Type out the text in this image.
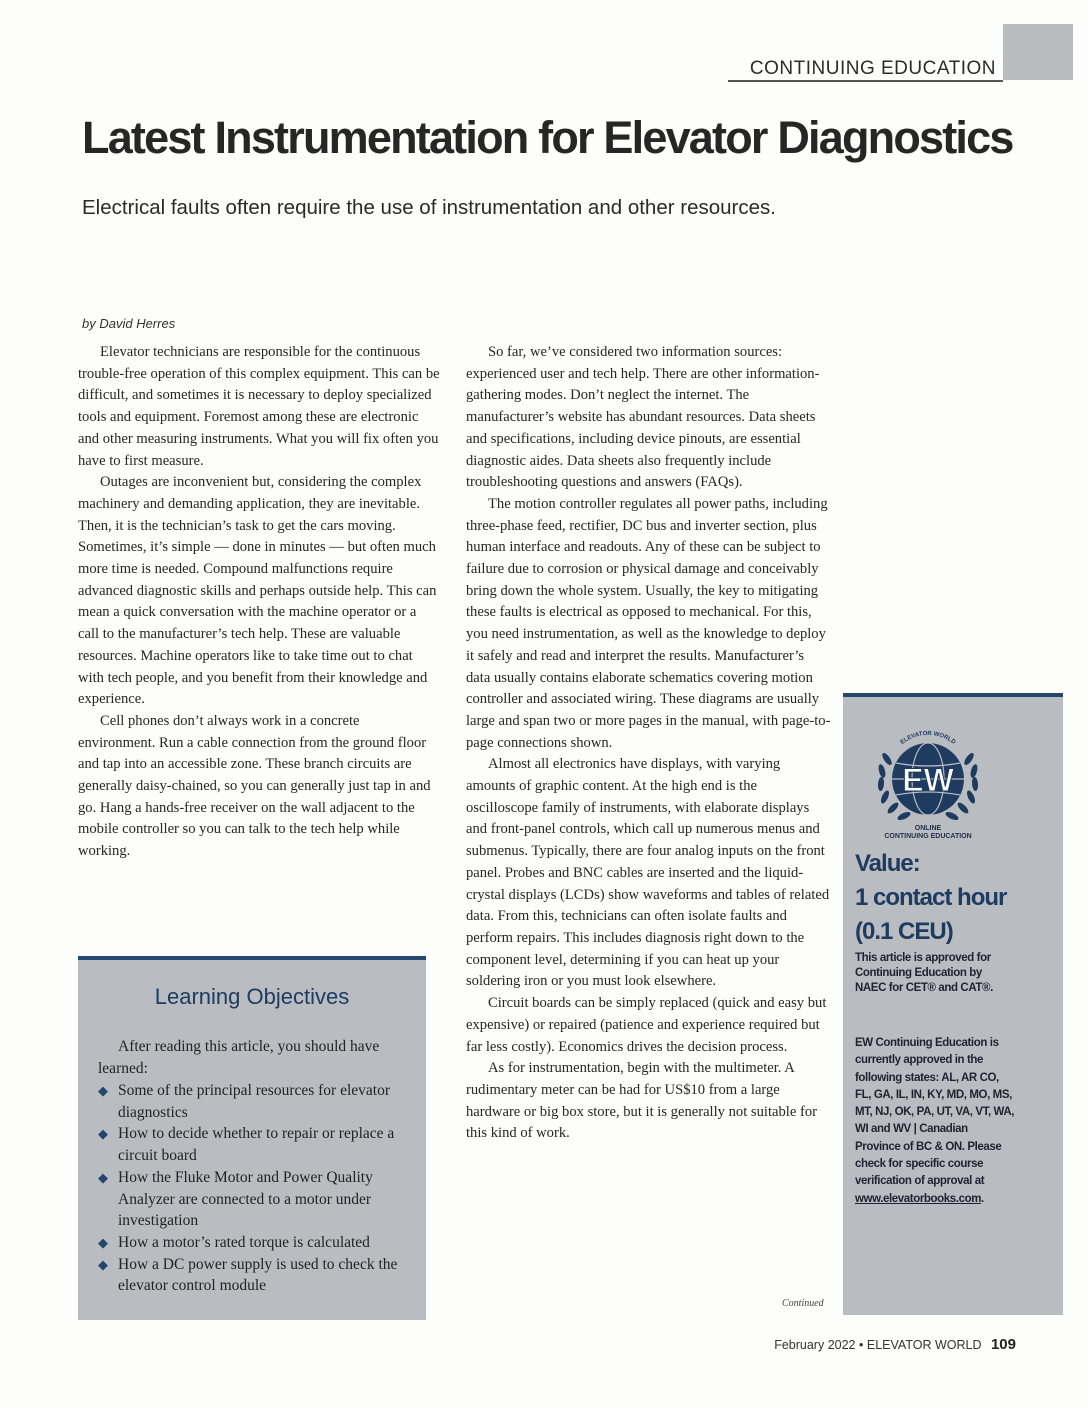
CONTINUING EDUCATION
Latest Instrumentation for Elevator Diagnostics

Electrical faults often require the use of instrumentation and other resources.

by David Herres

Elevator technicians are responsible for the continuous trouble-free operation of this complex equipment. This can be difficult, and sometimes it is necessary to deploy specialized tools and equipment. Foremost among these are electronic and other measuring instruments. What you will fix often you have to first measure.

Outages are inconvenient but, considering the complex machinery and demanding application, they are inevitable. Then, it is the technician’s task to get the cars moving. Sometimes, it’s simple — done in minutes — but often much more time is needed. Compound malfunctions require advanced diagnostic skills and perhaps outside help. This can mean a quick conversation with the machine operator or a call to the manufacturer’s tech help. These are valuable resources. Machine operators like to take time out to chat with tech people, and you benefit from their knowledge and experience.

Cell phones don’t always work in a concrete environment. Run a cable connection from the ground floor and tap into an accessible zone. These branch circuits are generally daisy-chained, so you can generally just tap in and go. Hang a hands-free receiver on the wall adjacent to the mobile controller so you can talk to the tech help while working.

So far, we’ve considered two information sources: experienced user and tech help. There are other information-gathering modes. Don’t neglect the internet. The manufacturer’s website has abundant resources. Data sheets and specifications, including device pinouts, are essential diagnostic aides. Data sheets also frequently include troubleshooting questions and answers (FAQs).

The motion controller regulates all power paths, including three-phase feed, rectifier, DC bus and inverter section, plus human interface and readouts. Any of these can be subject to failure due to corrosion or physical damage and conceivably bring down the whole system. Usually, the key to mitigating these faults is electrical as opposed to mechanical. For this, you need instrumentation, as well as the knowledge to deploy it safely and read and interpret the results. Manufacturer’s data usually contains elaborate schematics covering motion controller and associated wiring. These diagrams are usually large and span two or more pages in the manual, with page-to-page connections shown.

Almost all electronics have displays, with varying amounts of graphic content. At the high end is the oscilloscope family of instruments, with elaborate displays and front-panel controls, which call up numerous menus and submenus. Typically, there are four analog inputs on the front panel. Probes and BNC cables are inserted and the liquid-crystal displays (LCDs) show waveforms and tables of related data. From this, technicians can often isolate faults and perform repairs. This includes diagnosis right down to the component level, determining if you can heat up your soldering iron or you must look elsewhere.

Circuit boards can be simply replaced (quick and easy but expensive) or repaired (patience and experience required but far less costly). Economics drives the decision process.

As for instrumentation, begin with the multimeter. A rudimentary meter can be had for US$10 from a large hardware or big box store, but it is generally not suitable for this kind of work.

Continued
Learning Objectives

After reading this article, you should have learned:

◆ Some of the principal resources for elevator diagnostics
◆ How to decide whether to repair or replace a circuit board
◆ How the Fluke Motor and Power Quality Analyzer are connected to a motor under investigation
◆ How a motor’s rated torque is calculated
◆ How a DC power supply is used to check the elevator control module
EW
ELEVATOR WORLD
ONLINE
CONTINUING EDUCATION
Value:
1 contact hour
(0.1 CEU)

This article is approved for Continuing Education by NAEC for CET® and CAT®.

EW Continuing Education is currently approved in the following states: AL, AR CO, FL, GA, IL, IN, KY, MD, MO, MS, MT, NJ, OK, PA, UT, VA, VT, WA, WI and WV | Canadian Province of BC & ON. Please check for specific course verification of approval at www.elevatorbooks.com.

February 2022 • ELEVATOR WORLD 109
